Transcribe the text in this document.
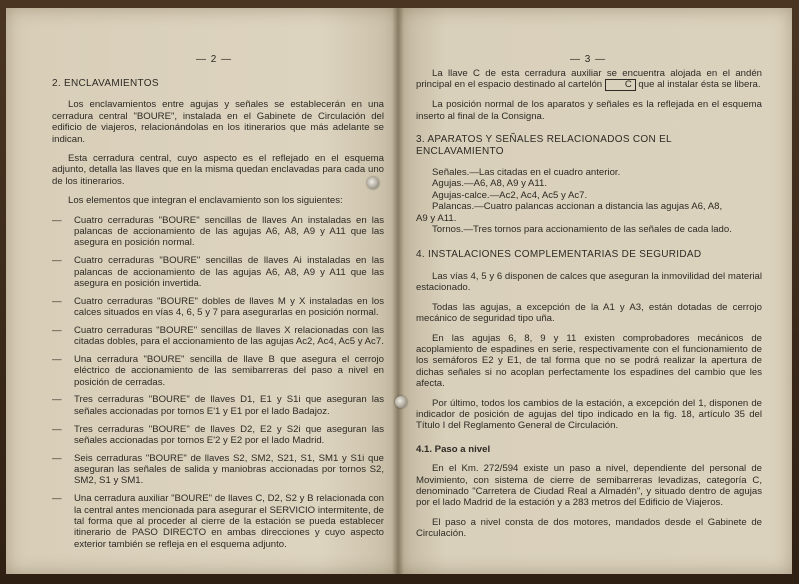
— 2 —
2. ENCLAVAMIENTOS

Los enclavamientos entre agujas y señales se establecerán en una cerradura central "BOURE", instalada en el Gabinete de Circulación del edificio de viajeros, relacionándolas en los itinerarios que más adelante se indican.

Esta cerradura central, cuyo aspecto es el reflejado en el esquema adjunto, detalla las llaves que en la misma quedan enclavadas para cada uno de los itinerarios.

Los elementos que integran el enclavamiento son los siguientes:

— Cuatro cerraduras "BOURE" sencillas de llaves An instaladas en las palancas de accionamiento de las agujas A6, A8, A9 y A11 que las asegura en posición normal.
— Cuatro cerraduras "BOURE" sencillas de llaves Ai instaladas en las palancas de accionamiento de las agujas A6, A8, A9 y A11 que las asegura en posición invertida.
— Cuatro cerraduras "BOURE" dobles de llaves M y X instaladas en los calces situados en vías 4, 6, 5 y 7 para asegurarlas en posición normal.
— Cuatro cerraduras "BOURE" sencillas de llaves X relacionadas con las citadas dobles, para el accionamiento de las agujas Ac2, Ac4, Ac5 y Ac7.
— Una cerradura "BOURE" sencilla de llave B que asegura el cerrojo eléctrico de accionamiento de las semibarreras del paso a nivel en posición de cerradas.
— Tres cerraduras "BOURE" de llaves D1, E1 y S1i que aseguran las señales accionadas por tornos E'1 y E1 por el lado Badajoz.
— Tres cerraduras "BOURE" de llaves D2, E2 y S2i que aseguran las señales accionadas por tornos E'2 y E2 por el lado Madrid.
— Seis cerraduras "BOURE" de llaves S2, SM2, S21, S1, SM1 y S1i que aseguran las señales de salida y maniobras accionadas por tornos S2, SM2, S1 y SM1.
— Una cerradura auxiliar "BOURE" de llaves C, D2, S2 y B relacionada con la central antes mencionada para asegurar el SERVICIO intermitente, de tal forma que al proceder al cierre de la estación se pueda establecer itinerario de PASO DIRECTO en ambas direcciones y cuyo aspecto exterior también se refleja en el esquema adjunto.
— 3 —

La llave C de esta cerradura auxiliar se encuentra alojada en el andén principal en el espacio destinado al cartelón C que al instalar ésta se libera.

La posición normal de los aparatos y señales es la reflejada en el esquema inserto al final de la Consigna.

3. APARATOS Y SEÑALES RELACIONADOS CON EL ENCLAVAMIENTO

Señales.—Las citadas en el cuadro anterior.

Agujas.—A6, A8, A9 y A11.

Agujas-calce.—Ac2, Ac4, Ac5 y Ac7.

Palancas.—Cuatro palancas accionan a distancia las agujas A6, A8,

A9 y A11.

Tornos.—Tres tornos para accionamiento de las señales de cada lado.

4. INSTALACIONES COMPLEMENTARIAS DE SEGURIDAD

Las vías 4, 5 y 6 disponen de calces que aseguran la inmovilidad del material estacionado.

Todas las agujas, a excepción de la A1 y A3, están dotadas de cerrojo mecánico de seguridad tipo uña.

En las agujas 6, 8, 9 y 11 existen comprobadores mecánicos de acoplamiento de espadines en serie, respectivamente con el funcionamiento de los semáforos E2 y E1, de tal forma que no se podrá realizar la apertura de dichas señales si no acoplan perfectamente los espadines del cambio que les afecta.

Por último, todos los cambios de la estación, a excepción del 1, disponen de indicador de posición de agujas del tipo indicado en la fig. 18, artículo 35 del Título I del Reglamento General de Circulación.

4.1. Paso a nivel

En el Km. 272/594 existe un paso a nivel, dependiente del personal de Movimiento, con sistema de cierre de semibarreras levadizas, categoría C, denominado "Carretera de Ciudad Real a Almadén", y situado dentro de agujas por el lado Madrid de la estación y a 283 metros del Edificio de Viajeros.

El paso a nivel consta de dos motores, mandados desde el Gabinete de Circulación.
